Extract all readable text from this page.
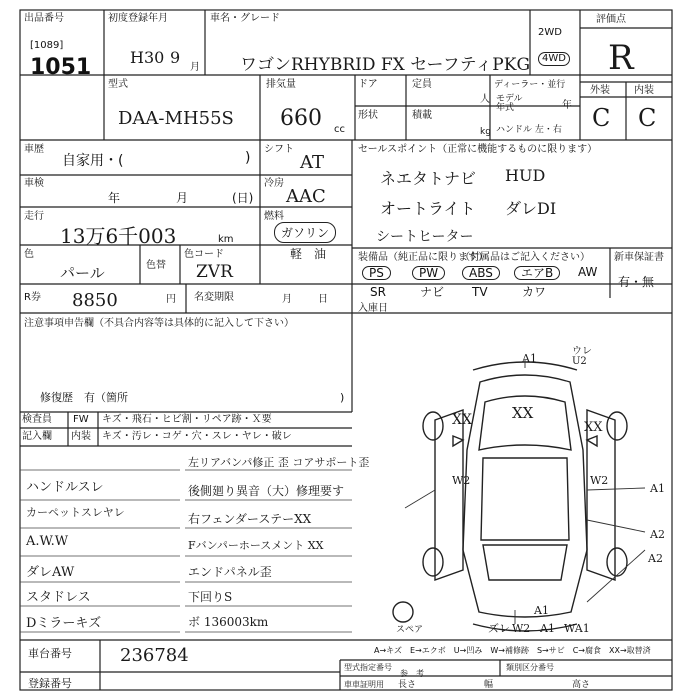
出品番号
[1089]
1051
初度登録年月
H30 9
月
車名・グレード
ワゴンRHYBRID FX セーフティPKG
2WD
4WD
評価点
R
型式
DAA-MH55S
排気量
660 cc
ドア	定員
人
ディーラー・並行
モデル
年式	年
形状	積載
kg ハンドル 左・右
外装 内装
C C
車歴
自家用・(	)
シフト
AT
セールスポイント（正常に機能するものに限ります）
ネエタトナビ HUD
オートライト ダレDI
シートヒーター
車検
年	月	(日)
冷房
AAC
走行
13万6千003	km
燃料
ガソリン
軽　油
色
パール	色替
色コード
ZVR
装備品（純正品に限ります）
（付属品はご記入ください） 新車保証書
有・無
PS	PW	ABS	エアB	AW
SR	ナビ TV	カワ
R券 8850	円 名変期限	月	日
入庫日
注意事項申告欄（不具合内容等は具体的に記入して下さい）
修復歴　有（箇所	)
検査員
記入欄
FW キズ・飛石・ヒビ割・リペア跡・Ｘ要
内装 キズ・汚レ・コゲ・穴・スレ・ヤレ・破レ
ハンドルスレ
カーペットスレヤレ
A.W.W
ダレAW
スタドレス
Dミラーキズ
左リアバンパ修正 歪 コアサポート歪
後側廻り異音（大）修理要す
右フェンダーステーXX
Fバンパーホースメント XX
エンドパネル歪
下回りS
ボ 136003km
A1
ウレ
U2
XX
XX	XX
W2	W2
A1
A2
A2
A1
ズレ	A1
W2	WA1
スペア
A→キズ　E→エクボ　U→凹み　W→補修跡　S→サビ　C→腐食　XX→取替済
車台番号	236784
登録番号
型式指定番号	類別区分番号
参　考
車車証明用 長さ	幅	高さ
